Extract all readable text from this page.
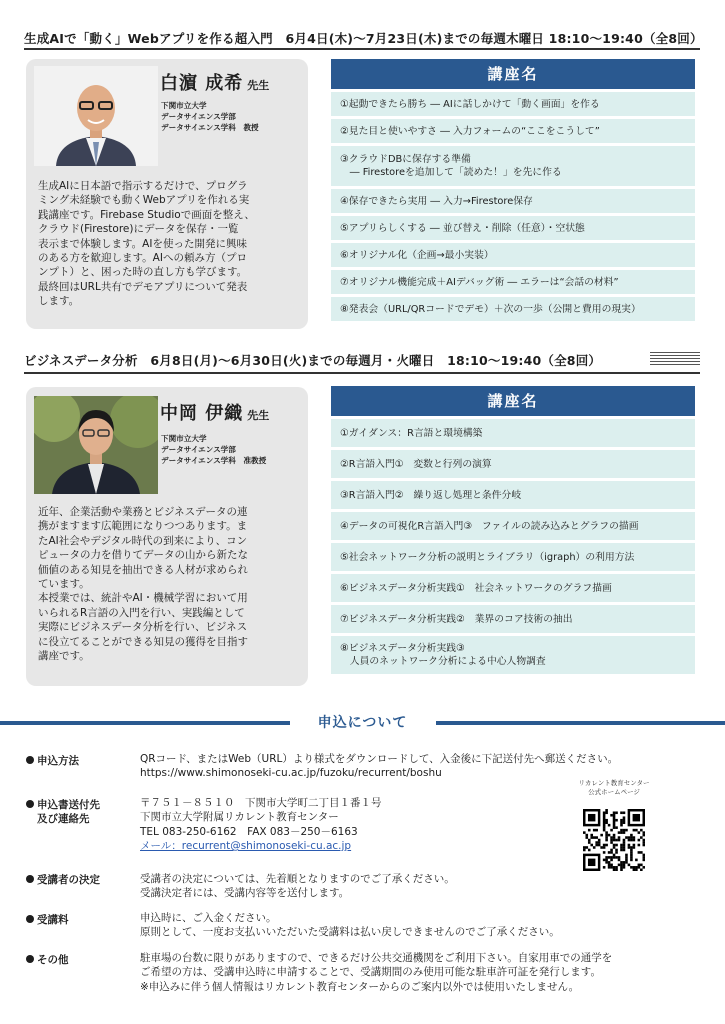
生成AIで「動く」Webアプリを作る超入門　6月4日(木)～7月23日(木)までの毎週木曜日 18:10～19:40（全8回）
白濵 成希 先生
下関市立大学
データサイエンス学部
データサイエンス学科　教授
生成AIに日本語で指示するだけで、プログラ
ミング未経験でも動くWebアプリを作れる実
践講座です。Firebase Studioで画面を整え、
クラウド(Firestore)にデータを保存・一覧
表示まで体験します。AIを使った開発に興味
のある方を歓迎します。AIへの頼み方（プロ
ンプト）と、困った時の直し方も学びます。
最終回はURL共有でデモアプリについて発表
します。
講座名
①起動できたら勝ち ― AIに話しかけて「動く画面」を作る
②見た目と使いやすさ ― 入力フォームの“ここをこうして”
③クラウドDBに保存する準備
　― Firestoreを追加して「読めた！」を先に作る
④保存できたら実用 ― 入力→Firestore保存
⑤アプリらしくする ― 並び替え・削除（任意）・空状態
⑥オリジナル化（企画→最小実装）
⑦オリジナル機能完成＋AIデバッグ術 ― エラーは“会話の材料”
⑧発表会（URL/QRコードでデモ）＋次の一歩（公開と費用の現実）
ビジネスデータ分析　6月8日(月)～6月30日(火)までの毎週月・火曜日　18:10～19:40（全8回）
中岡 伊織 先生
下関市立大学
データサイエンス学部
データサイエンス学科　准教授
近年、企業活動や業務とビジネスデータの連
携がますます広範囲になりつつあります。ま
たAI社会やデジタル時代の到来により、コン
ピュータの力を借りてデータの山から新たな
価値のある知見を抽出できる人材が求められ
ています。
本授業では、統計やAI・機械学習において用
いられるR言語の入門を行い、実践編として
実際にビジネスデータ分析を行い、ビジネス
に役立てることができる知見の獲得を目指す
講座です。
講座名
①ガイダンス：R言語と環境構築
②R言語入門①　変数と行列の演算
③R言語入門②　繰り返し処理と条件分岐
④データの可視化R言語入門③　ファイルの読み込みとグラフの描画
⑤社会ネットワーク分析の説明とライブラリ（igraph）の利用方法
⑥ビジネスデータ分析実践①　社会ネットワークのグラフ描画
⑦ビジネスデータ分析実践②　業界のコア技術の抽出
⑧ビジネスデータ分析実践③
　人員のネットワーク分析による中心人物調査
申込について
申込方法	QRコード、またはWeb（URL）より様式をダウンロードして、入金後に下記送付先へ郵送ください。
https://www.shimonoseki-cu.ac.jp/fuzoku/recurrent/boshu
リカレント教育センター
公式ホームページ
申込書送付先
及び連絡先
〒７５１－８５１０　下関市大学町二丁目１番１号
下関市立大学附属リカレント教育センター
TEL 083-250-6162　FAX 083－250－6163
メール：recurrent@shimonoseki-cu.ac.jp
受講者の決定	受講者の決定については、先着順となりますのでご了承ください。
受講決定者には、受講内容等を送付します。
受講料	申込時に、ご入金ください。
原則として、一度お支払いいただいた受講料は払い戻しできませんのでご了承ください。
その他	駐車場の台数に限りがありますので、できるだけ公共交通機関をご利用下さい。自家用車での通学を
ご希望の方は、受講申込時に申請することで、受講期間のみ使用可能な駐車許可証を発行します。
※申込みに伴う個人情報はリカレント教育センターからのご案内以外では使用いたしません。
